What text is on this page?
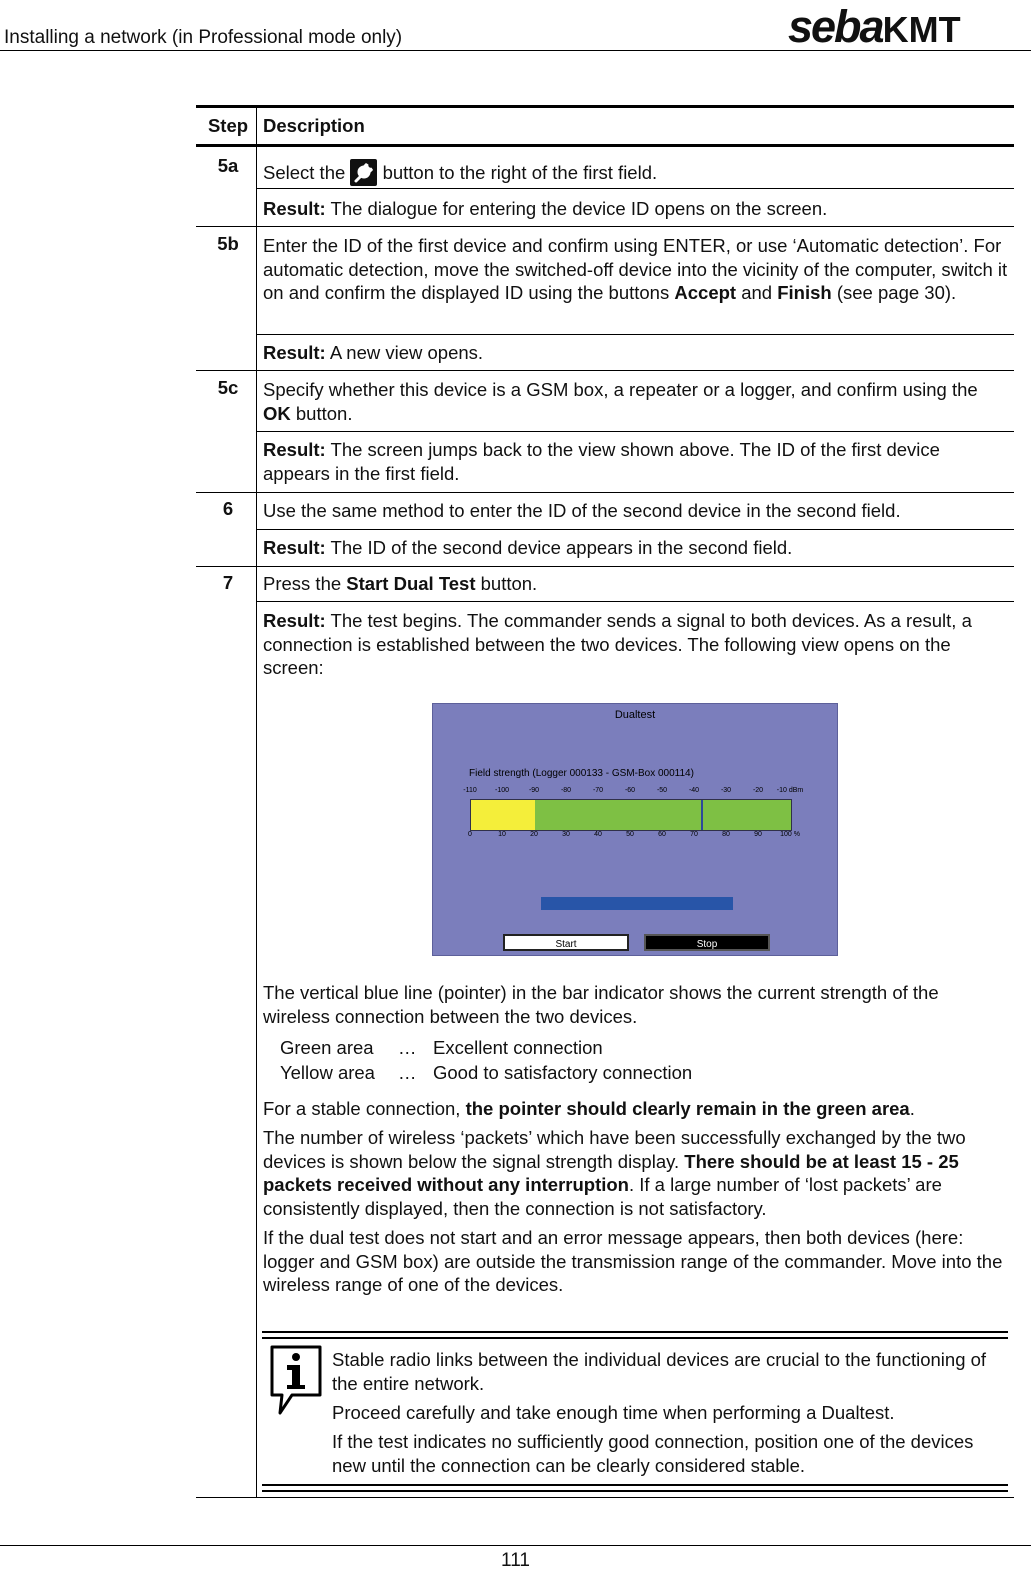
Installing a network (in Professional mode only)	sebaKMT
Step Description
5a	Select the button to the right of the first field.
Result: The dialogue for entering the device ID opens on the screen.
5b	Enter the ID of the first device and confirm using ENTER, or use ‘Automatic detection’. For automatic detection, move the switched-off device into the vicinity of the computer, switch it on and confirm the displayed ID using the buttons Accept and Finish (see page 30).
Result: A new view opens.
5c	Specify whether this device is a GSM box, a repeater or a logger, and confirm using the OK button.
Result: The screen jumps back to the view shown above. The ID of the first device appears in the first field.
6	Use the same method to enter the ID of the second device in the second field.
Result: The ID of the second device appears in the second field.
7	Press the Start Dual Test button.
Result: The test begins. The commander sends a signal to both devices. As a result, a connection is established between the two devices. The following view opens on the screen:
Dualtest
Field strength (Logger 000133 - GSM-Box 000114)
-110	-100	-90	-80	-70	-60	-50	-40	-30	-20 -10 dBm
0	10	20	30	40	50	60	70	80	90	100 %
Start	Stop
The vertical blue line (pointer) in the bar indicator shows the current strength of the wireless connection between the two devices.
Green area … Excellent connection
Yellow area … Good to satisfactory connection
For a stable connection, the pointer should clearly remain in the green area.
The number of wireless ‘packets’ which have been successfully exchanged by the two devices is shown below the signal strength display. There should be at least 15 - 25 packets received without any interruption. If a large number of ‘lost packets’ are consistently displayed, then the connection is not satisfactory.
If the dual test does not start and an error message appears, then both devices (here: logger and GSM box) are outside the transmission range of the commander. Move into the wireless range of one of the devices.
Stable radio links between the individual devices are crucial to the functioning of the entire network.
Proceed carefully and take enough time when performing a Dualtest.
If the test indicates no sufficiently good connection, position one of the devices new until the connection can be clearly considered stable.
111
